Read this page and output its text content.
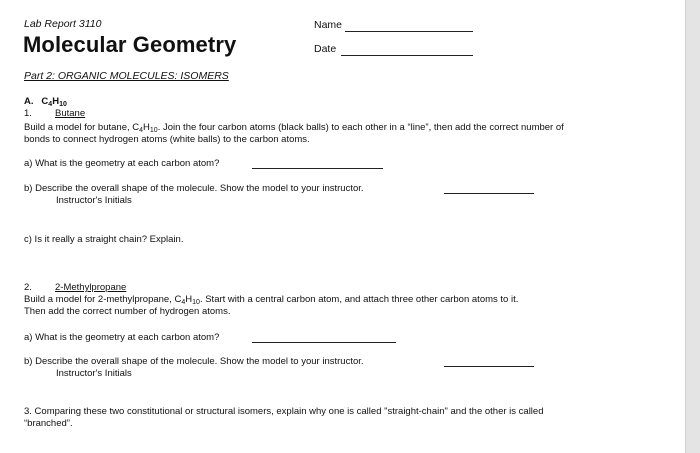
Lab Report 3110
Molecular Geometry
Name
Date
Part 2: ORGANIC MOLECULES: ISOMERS
A. $C_4H_{10}$
1. Butane
Build a model for butane, $C_4H_{10}$. Join the four carbon atoms (black balls) to each other in a “line”, then add the correct number of
bonds to connect hydrogen atoms (white balls) to the carbon atoms.
a) What is the geometry at each carbon atom?
b) Describe the overall shape of the molecule. Show the model to your instructor.
Instructor's Initials
c) Is it really a straight chain? Explain.
2. 2-Methylpropane
Build a model for 2-methylpropane, $C_4H_{10}$. Start with a central carbon atom, and attach three other carbon atoms to it.
Then add the correct number of hydrogen atoms.
a) What is the geometry at each carbon atom?
b) Describe the overall shape of the molecule. Show the model to your instructor.
Instructor's Initials
3. Comparing these two constitutional or structural isomers, explain why one is called "straight-chain" and the other is called
“branched”.
